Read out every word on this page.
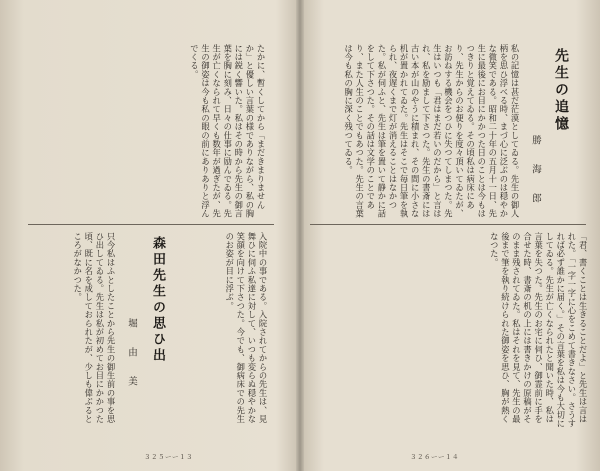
先生の追憶
勝　海　郎
私の記憶は甚だ茫漠としてゐる。先生の御人柄を思ひ浮べる時、まづ心に泛ぶのは穏やかな微笑である。昭和二十年の五月十一日、先生に最後にお目にかかつた日のことは今もはつきりと覚えてゐる。その頃私は病床にあり、先生からのお便りを度々頂いてゐたが、お訪ねする機会をつひに失つてしまつた。先生はいつも「君はまだ若いのだから」と言はれ、私を励まして下さつた。先生の書斎には古い本が山のやうに積まれ、その間に小さな机が置かれてゐた。先生はそこで毎日筆を執られ、夜遅くまで灯が消えることはなかつた。私が伺ふと、先生は筆を置いて静かに話をして下さつた。その話は文学のことであり、また人生のことでもあつた。先生の言葉は今も私の胸に深く残つてゐる。
「君、書くことは生きることだよ」と先生は言はれた。「一字一字に心をこめて書きなさい。さうすれば必ず誰かに届く。」その言葉を私は今も大切にしてゐる。先生が亡くなられたと聞いた時、私は言葉を失つた。先生のお宅に伺ひ、御霊前に手を合せた時、書斎の机の上には書きかけの原稿がそのまま残されてゐた。私はそれを見て、先生の最後まで筆を執り続けられた御姿を思ひ、胸が熱くなつた。
３２６ーー１４
たかに、暫くしてから「まだきまりませんか」と優しい言葉の様でありながら、私の胸には鋭く響いた。私はその時から先生の御言葉を胸に刻み、日々の仕事に励んでゐる。先生が亡くなられて早くも数年が過ぎたが、先生の御姿は今も私の眼の前にありありと浮んでくる。
森田先生の思ひ出
堀　由　美	入院中の事である。入院されてからの先生は、見舞ひに伺ふ私達に対して、いつも変らぬ穏やかな笑顔を向けて下さつた。今でも、御病床での先生のお姿が目に浮ぶ。
只今私はふとしたことから先生の御生前の事を思ひ出してゐる。先生は私が初めてお目にかかつた頃、既に名を成しておられたが、少しも偉ぶるところがなかつた。
３２５ーー１３
